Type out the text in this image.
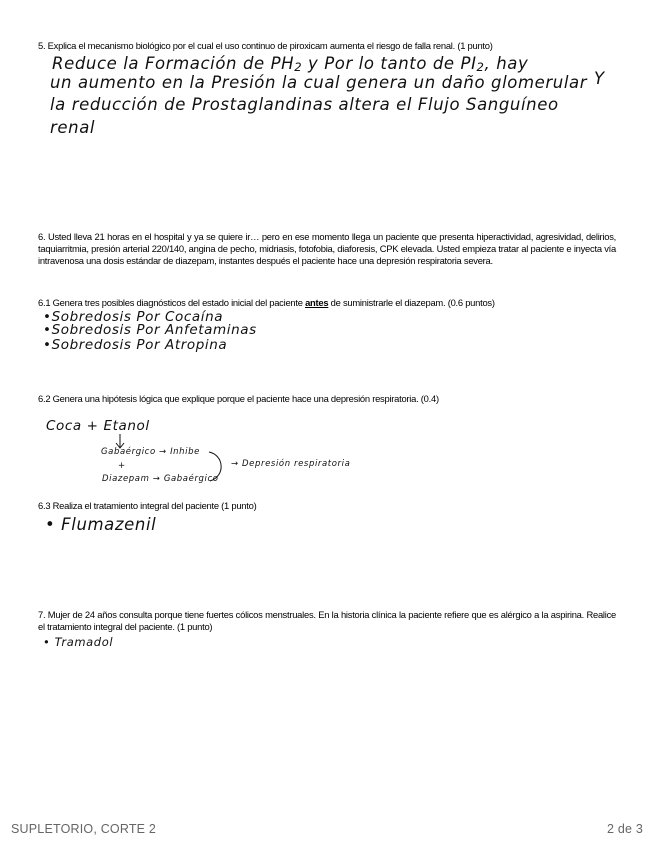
5. Explica el mecanismo biológico por el cual el uso continuo de piroxicam aumenta el riesgo de falla renal. (1 punto)
Reduce la Formación de $PH_2$ y Por lo tanto de $PI_2$, hay
un aumento en la Presión la cual genera un daño glomerular Y
la reducción de Prostaglandinas altera el Flujo Sanguíneo
renal
6. Usted lleva 21 horas en el hospital y ya se quiere ir… pero en ese momento llega un paciente que presenta hiperactividad, agresividad, delirios, taquiarritmia, presión arterial 220/140, angina de pecho, midriasis, fotofobia, diaforesis, CPK elevada. Usted empieza tratar al paciente e inyecta vía intravenosa una dosis estándar de diazepam, instantes después el paciente hace una depresión respiratoria severa.
6.1 Genera tres posibles diagnósticos del estado inicial del paciente antes de suministrarle el diazepam. (0.6 puntos)
•Sobredosis Por Cocaína
•Sobredosis Por Anfetaminas
•Sobredosis Por Atropina
6.2 Genera una hipótesis lógica que explique porque el paciente hace una depresión respiratoria. (0.4)
Coca + Etanol
Gabaérgico → Inhibe
+
Diazepam → Gabaérgico
→ Depresión respiratoria
6.3 Realiza el tratamiento integral del paciente (1 punto)
• Flumazenil
7. Mujer de 24 años consulta porque tiene fuertes cólicos menstruales. En la historia clínica la paciente refiere que es alérgico a la aspirina. Realice el tratamiento integral del paciente. (1 punto)
• Tramadol
SUPLETORIO, CORTE 2	2 de 3
